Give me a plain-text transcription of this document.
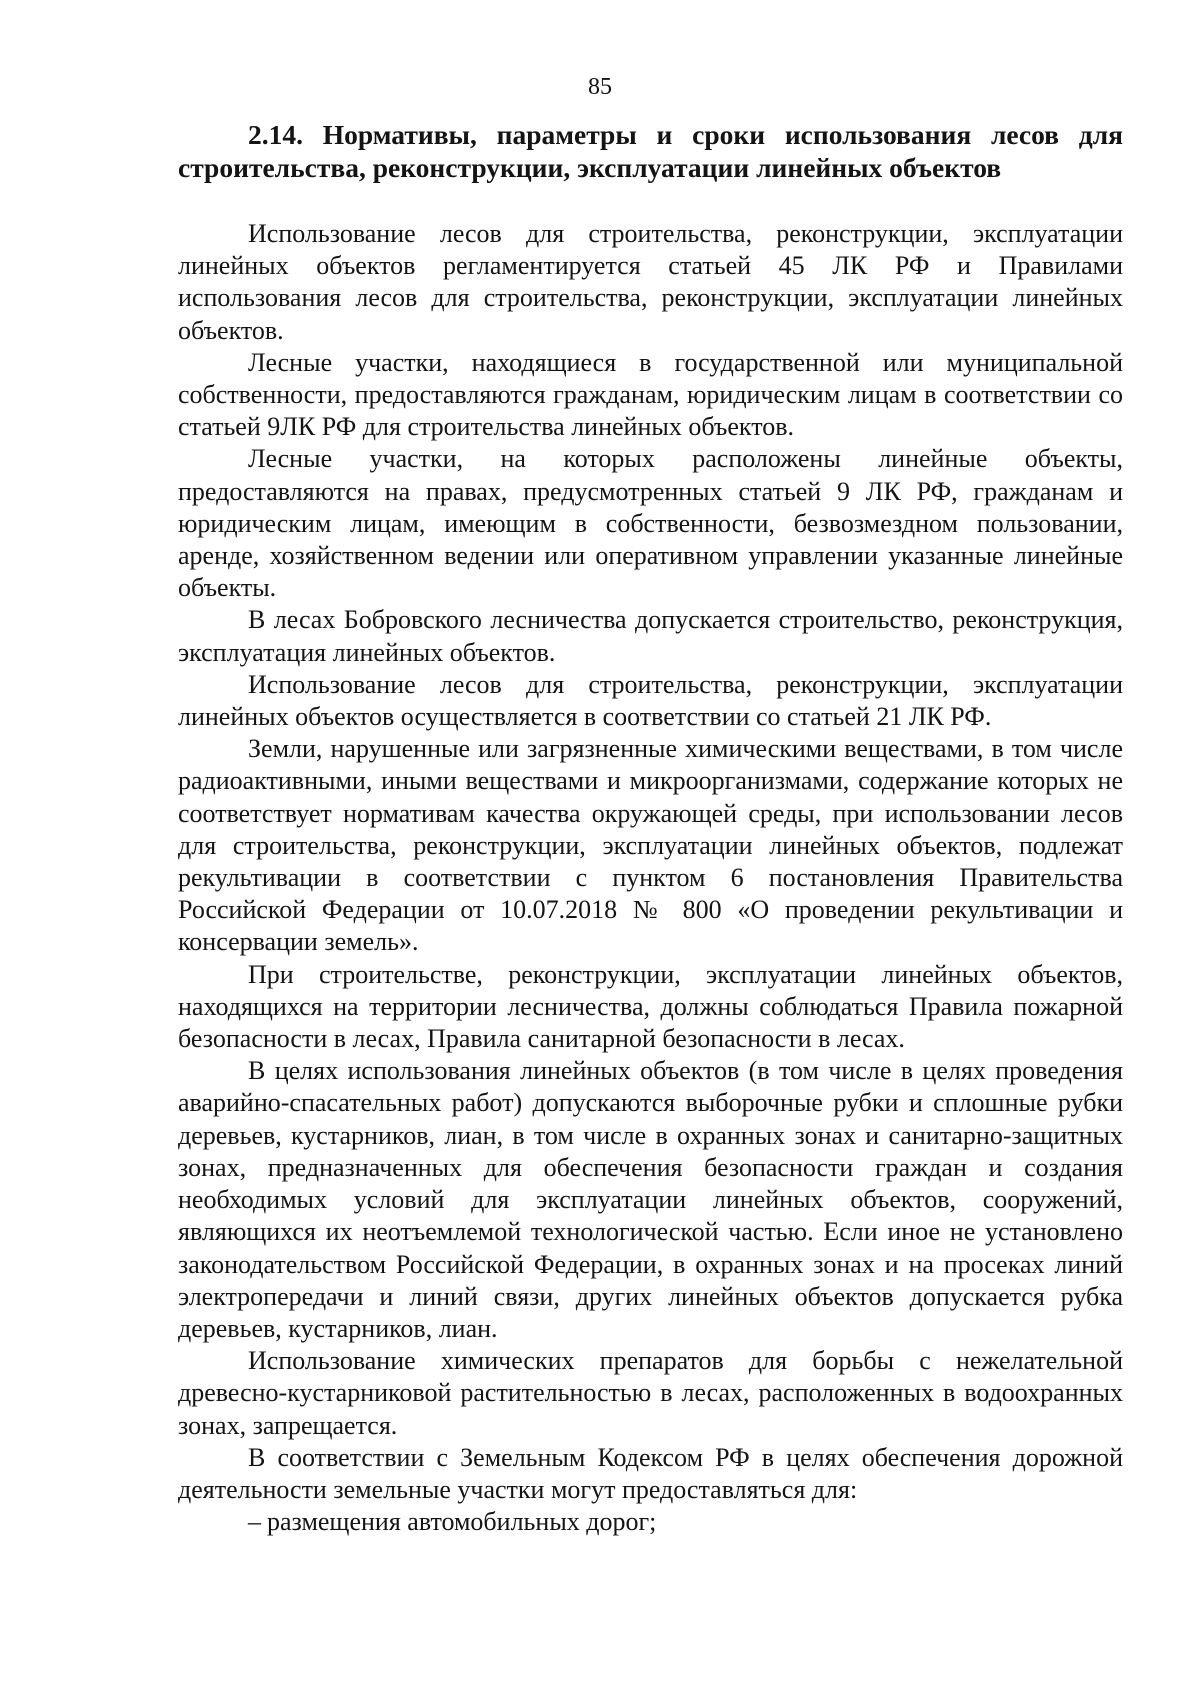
85
2.14. Нормативы, параметры и сроки использования лесов для строительства, реконструкции, эксплуатации линейных объектов

Использование лесов для строительства, реконструкции, эксплуатации линейных объектов регламентируется статьей 45 ЛК РФ и Правилами использования лесов для строительства, реконструкции, эксплуатации линейных объектов.

Лесные участки, находящиеся в государственной или муниципальной собственности, предоставляются гражданам, юридическим лицам в соответствии со статьей 9ЛК РФ для строительства линейных объектов.

Лесные участки, на которых расположены линейные объекты, предоставляются на правах, предусмотренных статьей 9 ЛК РФ, гражданам и юридическим лицам, имеющим в собственности, безвозмездном пользовании, аренде, хозяйственном ведении или оперативном управлении указанные линейные объекты.

В лесах Бобровского лесничества допускается строительство, реконструкция, эксплуатация линейных объектов.

Использование лесов для строительства, реконструкции, эксплуатации линейных объектов осуществляется в соответствии со статьей 21 ЛК РФ.

Земли, нарушенные или загрязненные химическими веществами, в том числе радиоактивными, иными веществами и микроорганизмами, содержание которых не соответствует нормативам качества окружающей среды, при использовании лесов для строительства, реконструкции, эксплуатации линейных объектов, подлежат рекультивации в соответствии с пунктом 6 постановления Правительства Российской Федерации от 10.07.2018 № 800 «О проведении рекультивации и консервации земель».

При строительстве, реконструкции, эксплуатации линейных объектов, находящихся на территории лесничества, должны соблюдаться Правила пожарной безопасности в лесах, Правила санитарной безопасности в лесах.

В целях использования линейных объектов (в том числе в целях проведения аварийно-спасательных работ) допускаются выборочные рубки и сплошные рубки деревьев, кустарников, лиан, в том числе в охранных зонах и санитарно-защитных зонах, предназначенных для обеспечения безопасности граждан и создания необходимых условий для эксплуатации линейных объектов, сооружений, являющихся их неотъемлемой технологической частью. Если иное не установлено законодательством Российской Федерации, в охранных зонах и на просеках линий электропередачи и линий связи, других линейных объектов допускается рубка деревьев, кустарников, лиан.

Использование химических препаратов для борьбы с нежелательной древесно-кустарниковой растительностью в лесах, расположенных в водоохранных зонах, запрещается.

В соответствии с Земельным Кодексом РФ в целях обеспечения дорожной деятельности земельные участки могут предоставляться для:

– размещения автомобильных дорог;
